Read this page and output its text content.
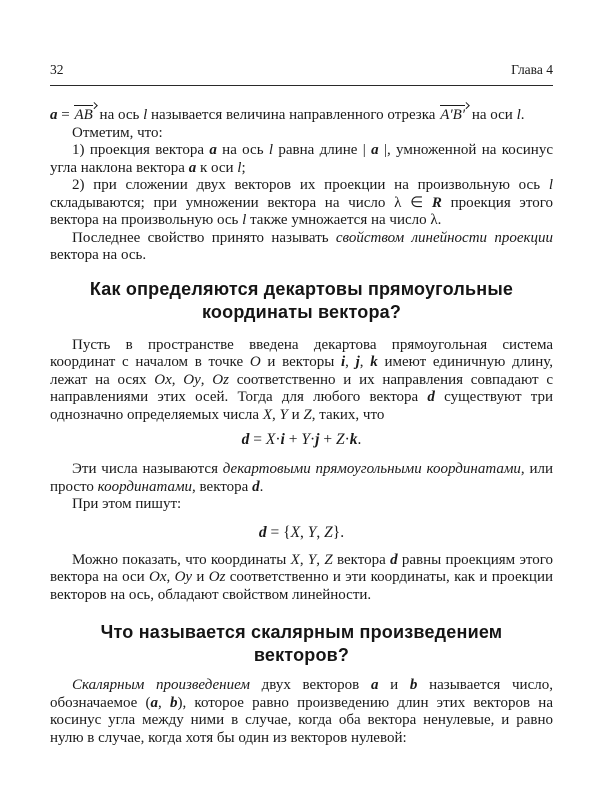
32	Глава 4

a = AB на ось l называется величина направленного отрезка A′B′ на оси l.

Отметим, что:

1) проекция вектора a на ось l равна длине | a |, умноженной на косинус угла наклона вектора a к оси l;

2) при сложении двух векторов их проекции на произвольную ось l складываются; при умножении вектора на число λ ∈ R проекция этого вектора на произвольную ось l также умножается на число λ.

Последнее свойство принято называть свойством линейности проекции вектора на ось.

Как определяются декартовы прямоугольные
координаты вектора?

Пусть в пространстве введена декартова прямоугольная система координат с началом в точке O и векторы i, j, k имеют единичную длину, лежат на осях Ox, Oy, Oz соответственно и их направления совпадают с направлениями этих осей. Тогда для любого вектора d существуют три однозначно определяемых числа X, Y и Z, таких, что

d = X·i + Y·j + Z·k.

Эти числа называются декартовыми прямоугольными координатами, или просто координатами, вектора d.

При этом пишут:

d = {X, Y, Z}.

Можно показать, что координаты X, Y, Z вектора d равны проекциям этого вектора на оси Ox, Oy и Oz соответственно и эти координаты, как и проекции векторов на ось, обладают свойством линейности.

Что называется скалярным произведением
векторов?

Скалярным произведением двух векторов a и b называется число, обозначаемое (a, b), которое равно произведению длин этих векторов на косинус угла между ними в случае, когда оба вектора ненулевые, и равно нулю в случае, когда хотя бы один из векторов нулевой:
